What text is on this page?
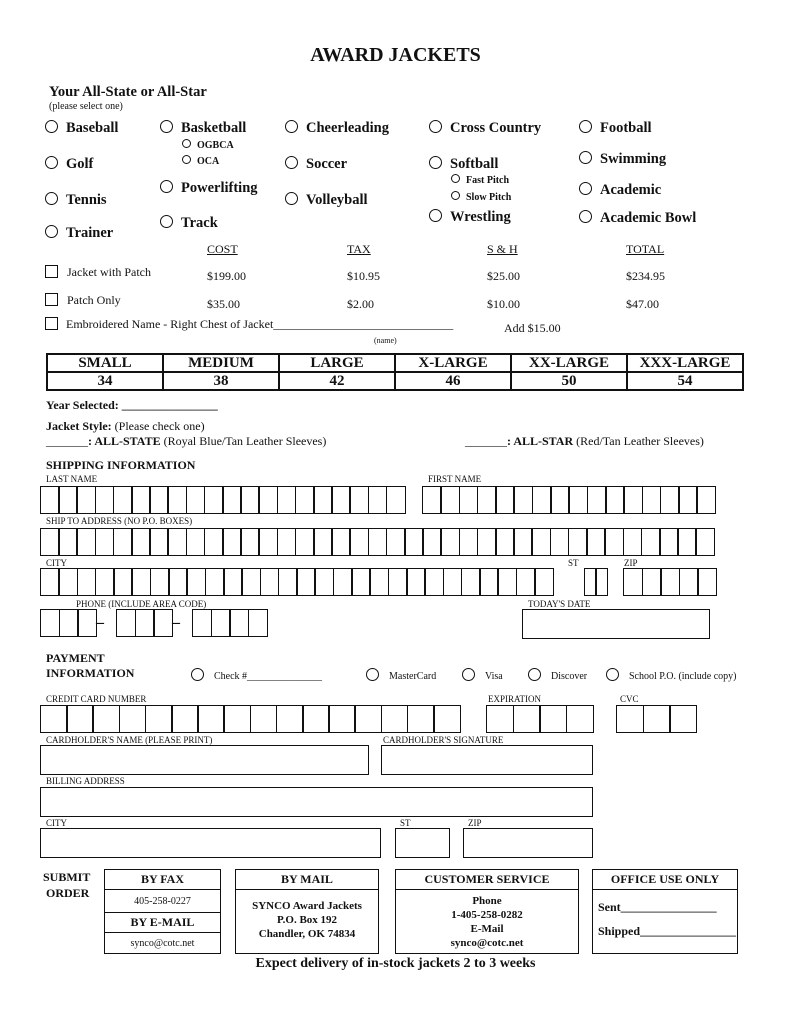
AWARD JACKETS
Your All-State or All-Star
(please select one)
Baseball
Golf
Tennis
Trainer
Basketball
OGBCA
OCA
Powerlifting
Track
Cheerleading
Soccer
Volleyball
Cross Country
Softball
Fast Pitch
Slow Pitch
Wrestling
Football
Swimming
Academic
Academic Bowl
COST	TAX	S & H	TOTAL
Jacket with Patch	$199.00	$10.95	$25.00	$234.95
Patch Only	$35.00	$2.00	$10.00	$47.00
Embroidered Name - Right Chest of Jacket______________________________	Add $15.00
(name)
SMALL	MEDIUM	LARGE	X-LARGE	XX-LARGE	XXX-LARGE
34	38	42	46	50	54
Year Selected: ________________
Jacket Style: (Please check one)
_______: ALL-STATE (Royal Blue/Tan Leather Sleeves)	_______: ALL-STAR (Red/Tan Leather Sleeves)
SHIPPING INFORMATION
LAST NAME	FIRST NAME
SHIP TO ADDRESS (NO P.O. BOXES)
CITY	ST	ZIP
PHONE (INCLUDE AREA CODE)	TODAY'S DATE
–	–
PAYMENT
INFORMATION	Check #_______________	MasterCard	Visa	Discover	School P.O. (include copy)
CREDIT CARD NUMBER	EXPIRATION	CVC
CARDHOLDER'S NAME (PLEASE PRINT)	CARDHOLDER'S SIGNATURE
BILLING ADDRESS
CITY	ST	ZIP
SUBMIT
ORDER
BY FAX
405-258-0227
BY E-MAIL
synco@cotc.net
BY MAIL
SYNCO Award Jackets
P.O. Box 192
Chandler, OK 74834
CUSTOMER SERVICE
Phone
1-405-258-0282
E-Mail
synco@cotc.net
OFFICE USE ONLY
Sent________________
Shipped________________
Expect delivery of in-stock jackets 2 to 3 weeks
